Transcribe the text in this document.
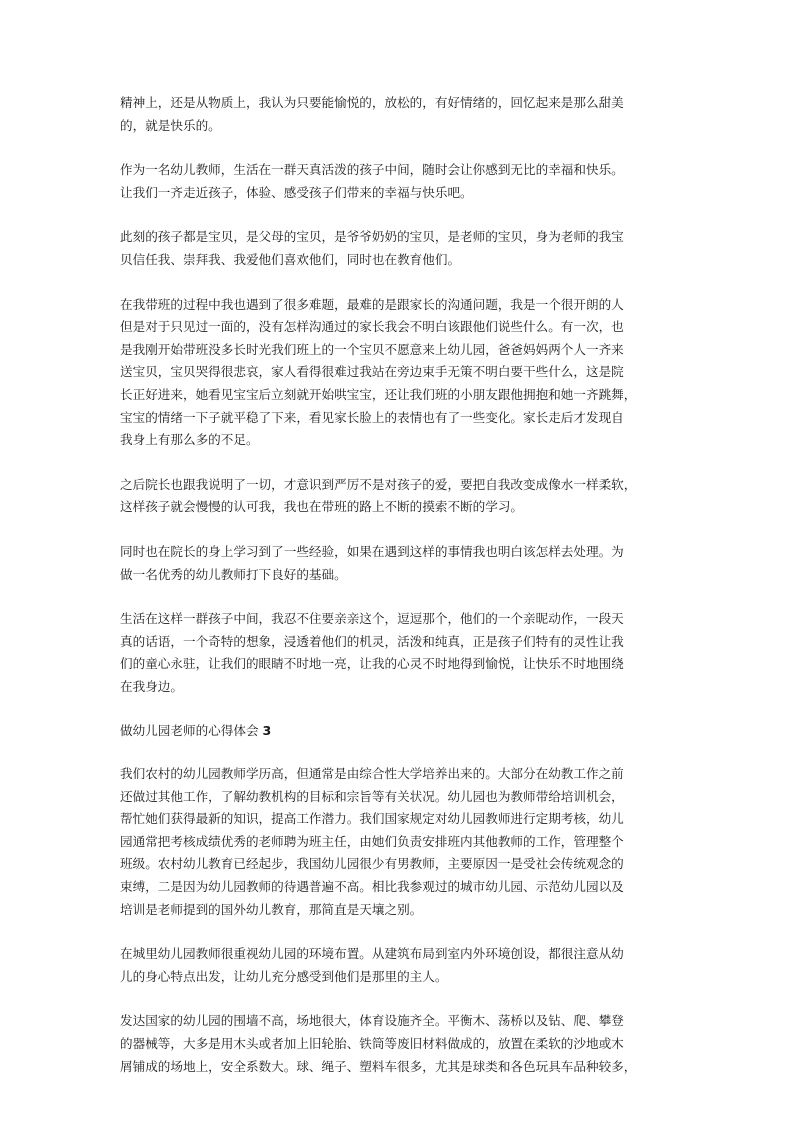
精神上，还是从物质上，我认为只要能愉悦的，放松的，有好情绪的，回忆起来是那么甜美
的，就是快乐的。

作为一名幼儿教师，生活在一群天真活泼的孩子中间，随时会让你感到无比的幸福和快乐。
让我们一齐走近孩子，体验、感受孩子们带来的幸福与快乐吧。

此刻的孩子都是宝贝，是父母的宝贝，是爷爷奶奶的宝贝，是老师的宝贝，身为老师的我宝
贝信任我、崇拜我、我爱他们喜欢他们，同时也在教育他们。

在我带班的过程中我也遇到了很多难题，最难的是跟家长的沟通问题，我是一个很开朗的人
但是对于只见过一面的，没有怎样沟通过的家长我会不明白该跟他们说些什么。有一次，也
是我刚开始带班没多长时光我们班上的一个宝贝不愿意来上幼儿园，爸爸妈妈两个人一齐来
送宝贝，宝贝哭得很悲哀，家人看得很难过我站在旁边束手无策不明白要干些什么，这是院
长正好进来，她看见宝宝后立刻就开始哄宝宝，还让我们班的小朋友跟他拥抱和她一齐跳舞，
宝宝的情绪一下子就平稳了下来，看见家长脸上的表情也有了一些变化。家长走后才发现自
我身上有那么多的不足。

之后院长也跟我说明了一切，才意识到严厉不是对孩子的爱，要把自我改变成像水一样柔软，
这样孩子就会慢慢的认可我，我也在带班的路上不断的摸索不断的学习。

同时也在院长的身上学习到了一些经验，如果在遇到这样的事情我也明白该怎样去处理。为
做一名优秀的幼儿教师打下良好的基础。

生活在这样一群孩子中间，我忍不住要亲亲这个，逗逗那个，他们的一个亲昵动作，一段天
真的话语，一个奇特的想象，浸透着他们的机灵，活泼和纯真，正是孩子们特有的灵性让我
们的童心永驻，让我们的眼睛不时地一亮，让我的心灵不时地得到愉悦，让快乐不时地围绕
在我身边。

做幼儿园老师的心得体会 3

我们农村的幼儿园教师学历高，但通常是由综合性大学培养出来的。大部分在幼教工作之前
还做过其他工作，了解幼教机构的目标和宗旨等有关状况。幼儿园也为教师带给培训机会，
帮忙她们获得最新的知识，提高工作潜力。我们国家规定对幼儿园教师进行定期考核，幼儿
园通常把考核成绩优秀的老师聘为班主任，由她们负责安排班内其他教师的工作，管理整个
班级。农村幼儿教育已经起步，我国幼儿园很少有男教师，主要原因一是受社会传统观念的
束缚，二是因为幼儿园教师的待遇普遍不高。相比我参观过的城市幼儿园、示范幼儿园以及
培训是老师提到的国外幼儿教育，那简直是天壤之别。

在城里幼儿园教师很重视幼儿园的环境布置。从建筑布局到室内外环境创设，都很注意从幼
儿的身心特点出发，让幼儿充分感受到他们是那里的主人。

发达国家的幼儿园的围墙不高，场地很大，体育设施齐全。平衡木、荡桥以及钻、爬、攀登
的器械等，大多是用木头或者加上旧轮胎、铁筒等废旧材料做成的，放置在柔软的沙地或木
屑铺成的场地上，安全系数大。球、绳子、塑料车很多，尤其是球类和各色玩具车品种较多，
